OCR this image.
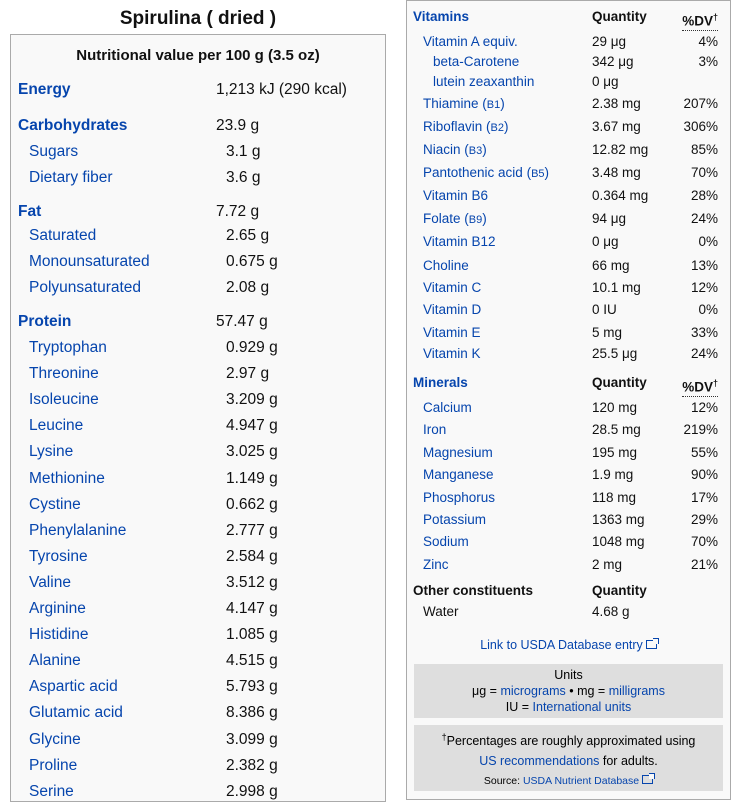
Spirulina ( dried )
Nutritional value per 100 g (3.5 oz)
Energy	1,213 kJ (290 kcal)
Carbohydrates	23.9 g
Sugars	3.1 g
Dietary fiber	3.6 g
Fat	7.72 g
Saturated	2.65 g
Monounsaturated	0.675 g
Polyunsaturated	2.08 g
Protein	57.47 g
Tryptophan	0.929 g
Threonine	2.97 g
Isoleucine	3.209 g
Leucine	4.947 g
Lysine	3.025 g
Methionine	1.149 g
Cystine	0.662 g
Phenylalanine	2.777 g
Tyrosine	2.584 g
Valine	3.512 g
Arginine	4.147 g
Histidine	1.085 g
Alanine	4.515 g
Aspartic acid	5.793 g
Glutamic acid	8.386 g
Glycine	3.099 g
Proline	2.382 g
Serine	2.998 g
Vitamins	Quantity	%DV†
Vitamin A equiv.	29 μg	4%
beta-Carotene	342 μg	3%
lutein zeaxanthin	0 μg
Thiamine (B1)	2.38 mg	207%
Riboflavin (B2)	3.67 mg	306%
Niacin (B3)	12.82 mg	85%
Pantothenic acid (B5)	3.48 mg	70%
Vitamin B6	0.364 mg	28%
Folate (B9)	94 μg	24%
Vitamin B12	0 μg	0%
Choline	66 mg	13%
Vitamin C	10.1 mg	12%
Vitamin D	0 IU	0%
Vitamin E	5 mg	33%
Vitamin K	25.5 μg	24%
Minerals	Quantity	%DV†
Calcium	120 mg	12%
Iron	28.5 mg	219%
Magnesium	195 mg	55%
Manganese	1.9 mg	90%
Phosphorus	118 mg	17%
Potassium	1363 mg	29%
Sodium	1048 mg	70%
Zinc	2 mg	21%
Other constituents	Quantity
Water	4.68 g
Link to USDA Database entry
Units
μg = micrograms • mg = milligrams
IU = International units
†Percentages are roughly approximated using
US recommendations for adults.
Source: USDA Nutrient Database
